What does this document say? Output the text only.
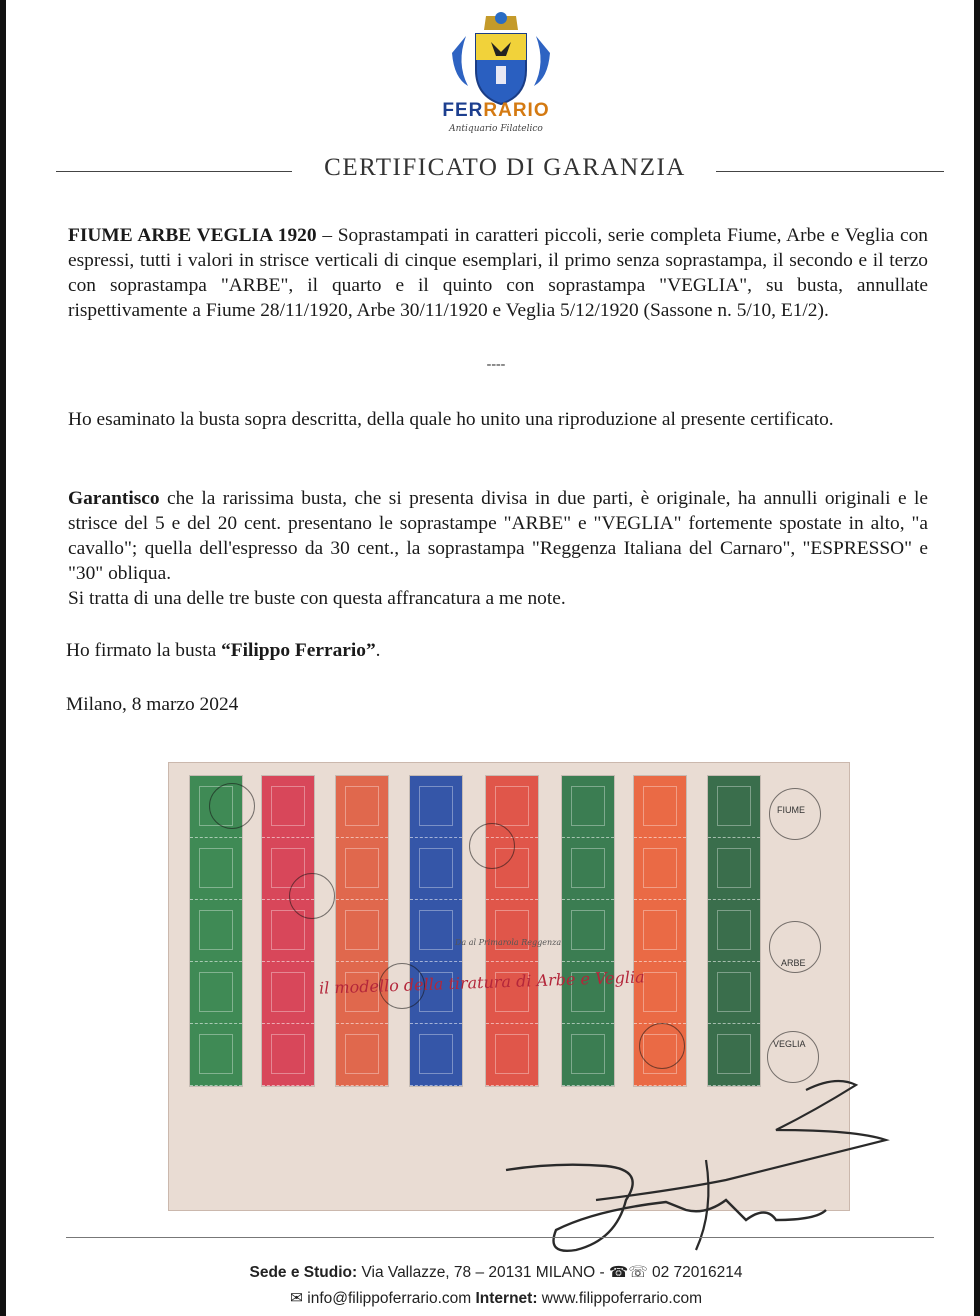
FERRARIO
Antiquario Filatelico
CERTIFICATO DI GARANZIA
FIUME ARBE VEGLIA 1920 – Soprastampati in caratteri piccoli, serie completa Fiume, Arbe e Veglia con espressi, tutti i valori in strisce verticali di cinque esemplari, il primo senza soprastampa, il secondo e il terzo con soprastampa "ARBE", il quarto e il quinto con soprastampa "VEGLIA", su busta, annullate rispettivamente a Fiume 28/11/1920, Arbe 30/11/1920 e Veglia 5/12/1920 (Sassone n. 5/10, E1/2).
----
Ho esaminato la busta sopra descritta, della quale ho unito una riproduzione al presente certificato.
Garantisco che la rarissima busta, che si presenta divisa in due parti, è originale, ha annulli originali e le strisce del 5 e del 20 cent. presentano le soprastampe "ARBE" e "VEGLIA" fortemente spostate in alto, "a cavallo"; quella dell'espresso da 30 cent., la soprastampa "Reggenza Italiana del Carnaro", "ESPRESSO" e "30" obliqua.
Si tratta di una delle tre buste con questa affrancatura a me note.
Ho firmato la busta “Filippo Ferrario”.
Milano, 8 marzo 2024
FIUME
ARBE
VEGLIA
Da al Primarola Reggenza
il modello della tiratura di Arbe e Veglia
Sede e Studio: Via Vallazze, 78 – 20131 MILANO - ☎☏ 02 72016214
✉ info@filippoferrario.com Internet: www.filippoferrario.com
